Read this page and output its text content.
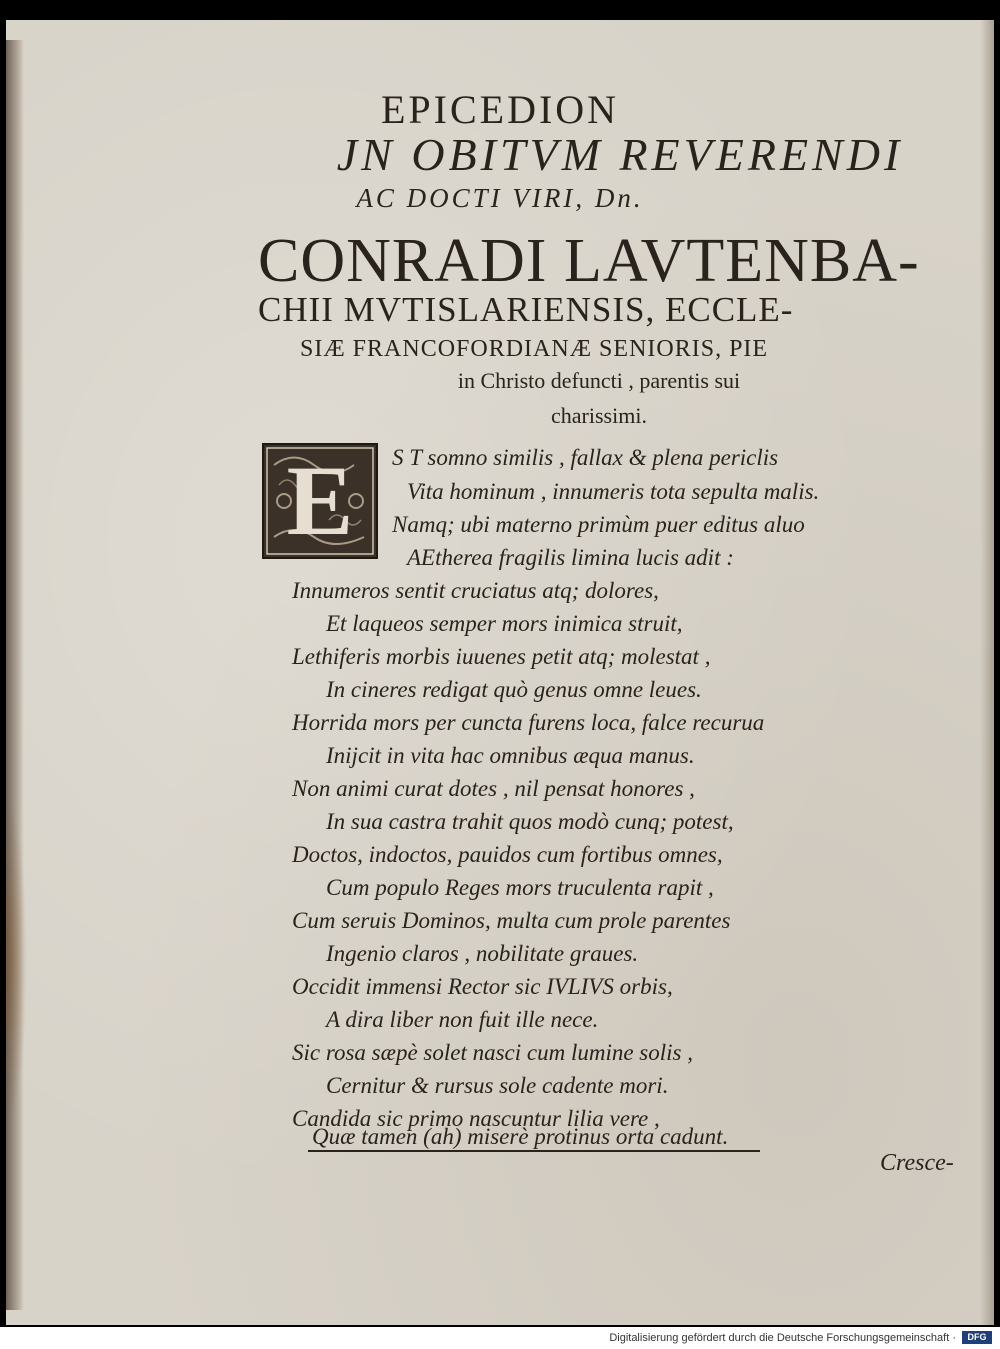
EPICEDION
JN OBITVM REVERENDI
AC DOCTI VIRI, Dn.
CONRADI LAVTENBA-
CHII MVTISLARIENSIS, ECCLE-
SIÆ FRANCOFORDIANÆ SENIORIS, PIE
in Christo defuncti , parentis sui
charissimi.
E S T somno similis , fallax & plena periclis
Vita hominum , innumeris tota sepulta malis.
Namq; ubi materno primùm puer editus aluo
AEtherea fragilis limina lucis adit :
Innumeros sentit cruciatus atq; dolores,
Et laqueos semper mors inimica struit,
Lethiferis morbis iuuenes petit atq; molestat ,
In cineres redigat quò genus omne leues.
Horrida mors per cuncta furens loca, falce recurua
Inijcit in vita hac omnibus æqua manus.
Non animi curat dotes , nil pensat honores ,
In sua castra trahit quos modò cunq; potest,
Doctos, indoctos, pauidos cum fortibus omnes,
Cum populo Reges mors truculenta rapit ,
Cum seruis Dominos, multa cum prole parentes
Ingenio claros , nobilitate graues.
Occidit immensi Rector sic IVLIVS orbis,
A dira liber non fuit ille nece.
Sic rosa sæpè solet nasci cum lumine solis ,
Cernitur & rursus sole cadente mori.
Candida sic primo nascuntur lilia vere ,
Quæ tamen (ah) miserè protinus orta cadunt.
Cresce-
Digitalisierung gefördert durch die Deutsche Forschungsgemeinschaft ·	DFG
